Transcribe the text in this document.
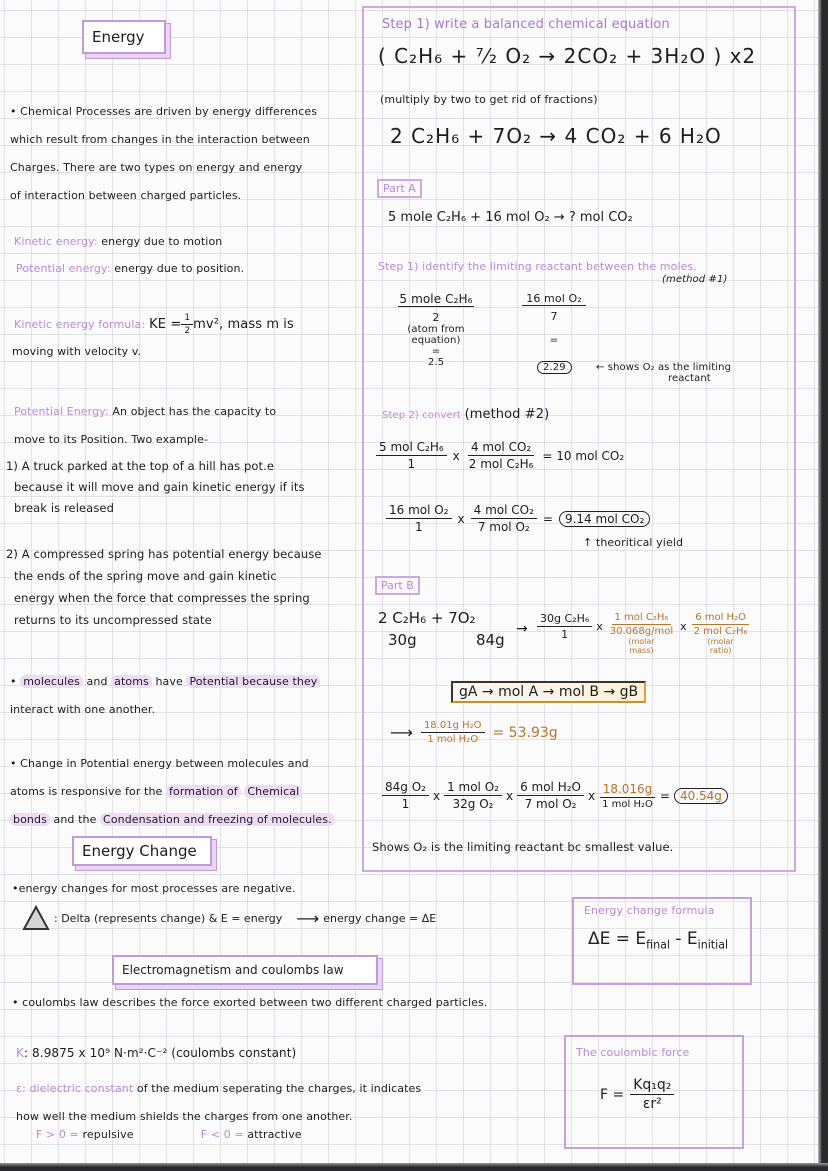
Energy
• Chemical Processes are driven by energy differences
which result from changes in the interaction between
Charges. There are two types on energy and energy
of interaction between charged particles.
Kinetic energy: energy due to motion
Potential energy: energy due to position.
Kinetic energy formula: KE = $\frac{1}{2} mv^2$, mass m is
moving with velocity v.
Potential Energy: An object has the capacity to
move to its Position. Two example-
1) A truck parked at the top of a hill has pot.e
because it will move and gain kinetic energy if its
break is released
2) A compressed spring has potential energy because
the ends of the spring move and gain kinetic
energy when the force that compresses the spring
returns to its uncompressed state
• molecules and atoms have Potential because they
interact with one another.
• Change in Potential energy between molecules and
atoms is responsive for the formation of Chemical
bonds and the Condensation and freezing of molecules.
Step 1) write a balanced chemical equation
( C₂H₆ + ⁷⁄₂ O₂ → 2CO₂ + 3H₂O ) x2
(multiply by two to get rid of fractions)
2 C₂H₆ + 7O₂ → 4 CO₂ + 6 H₂O
Part A
5 mole C₂H₆ + 16 mol O₂ → ? mol CO₂
Step 1) identify the limiting reactant between the moles.
(method #1)
5 mole C₂H₆
2
(atom from
equation)
=
2.5
16 mol O₂
7
=
2.29	← shows O₂ as the limiting
reactant
Step 2) convert (method #2)
$\frac{\text{5 mol C₂H₆}}{1}$ x $\frac{\text{4 mol CO₂}}{\text{2 mol C₂H₆}} = 10$ mol CO₂
$\frac{\text{16 mol O₂}}{1}$ x $\frac{\text{4 mol CO₂}}{\text{7 mol O₂}}$ =	9.14 mol CO₂
↑ theoritical yield
Part B
2 C₂H₆ + 7O₂
30g	84g
→ $\frac{\text{30g C₂H₆}}{1}$ x
1 mol C₂H₆
30.068g/mol
(molar
mass)
x
6 mol H₂O
2 mol C₂H₆
(molar
ratio)
gA → mol A → mol B → gB
⟶ $\frac{\text{18.01g H₂O}}{\text{1 mol H₂O}} = 53.93g$
$\frac{\text{84g O₂}}{1}$ x $\frac{\text{1 mol O₂}}{\text{32g O₂}}$ x $\frac{\text{6 mol H₂O}}{\text{7 mol O₂}}$ x $\frac{18.016g}{\text{1 mol H₂O}} = 40.54g$
Shows O₂ is the limiting reactant bc smallest value.
Energy Change
•energy changes for most processes are negative.
: Delta (represents change) & E = energy ⟶ energy change = ΔE
Energy change formula
$\Delta E = E_{final} - E_{initial}$
Electromagnetism and coulombs law
• coulombs law describes the force exorted between two different charged particles.
K: 8.9875 x 10⁹ N·m²·C⁻² (coulombs constant)
ε: dielectric constant of the medium seperating the charges, it indicates
how well the medium shields the charges from one another.
F > 0 = repulsive	F < 0 = attractive
The coulombic force
$F = \frac{\text{Kq₁q₂}}{\text{εr²}}$
